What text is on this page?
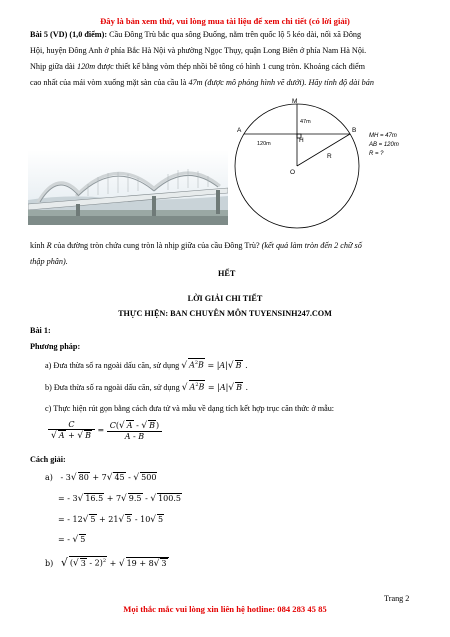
Đây là bản xem thử, vui lòng mua tài liệu để xem chi tiết (có lời giải)
Bài 5 (VD) (1,0 điểm): Cầu Đông Trù bắc qua sông Đuống, nằm trên quốc lộ 5 kéo dài, nối xã Đông
Hội, huyện Đông Anh ở phía Bắc Hà Nội và phường Ngọc Thụy, quận Long Biên ở phía Nam Hà Nội.
Nhịp giữa dài 120m được thiết kế bằng vòm thép nhồi bê tông có hình 1 cung tròn. Khoảng cách điểm
cao nhất của mái vòm xuống mặt sàn của cầu là 47m (được mô phỏng hình vẽ dưới). Hãy tính độ dài bán
A	B
M
H
O
47m
120m
R
MH = 47m
AB = 120m
R = ?
kính R của đường tròn chứa cung tròn là nhịp giữa của cầu Đông Trù? (kết quả làm tròn đến 2 chữ số
thập phân).
HẾT
LỜI GIẢI CHI TIẾT
THỰC HIỆN: BAN CHUYÊN MÔN TUYENSINH247.COM
Bài 1:
Phương pháp:
a) Đưa thừa số ra ngoài dấu căn, sử dụng √ $A^2B = |A|√$ B .
b) Đưa thừa số ra ngoài dấu căn, sử dụng √ $A^2B = |A|√$ B .
c) Thực hiện rút gọn bằng cách đưa tử và mẫu về dạng tích kết hợp trục căn thức ở mẫu:
$\frac{C}{√ A + √ B} = \frac{C(√ A - √ B)}{A - B}$
Cách giải:
a)   - 3√ 80 + 7√ 45 - √ 500
= - 3√ 16.5 + 7√ 9.5 - √ 100.5
= - 12√ 5 + 21√ 5 - 10√ 5
= - √ 5
b)   √ (√ 3 - 2)$^2$ + √ 19 + 8√ 3
Trang 2
Mọi thắc mắc vui lòng xin liên hệ hotline: 084 283 45 85
